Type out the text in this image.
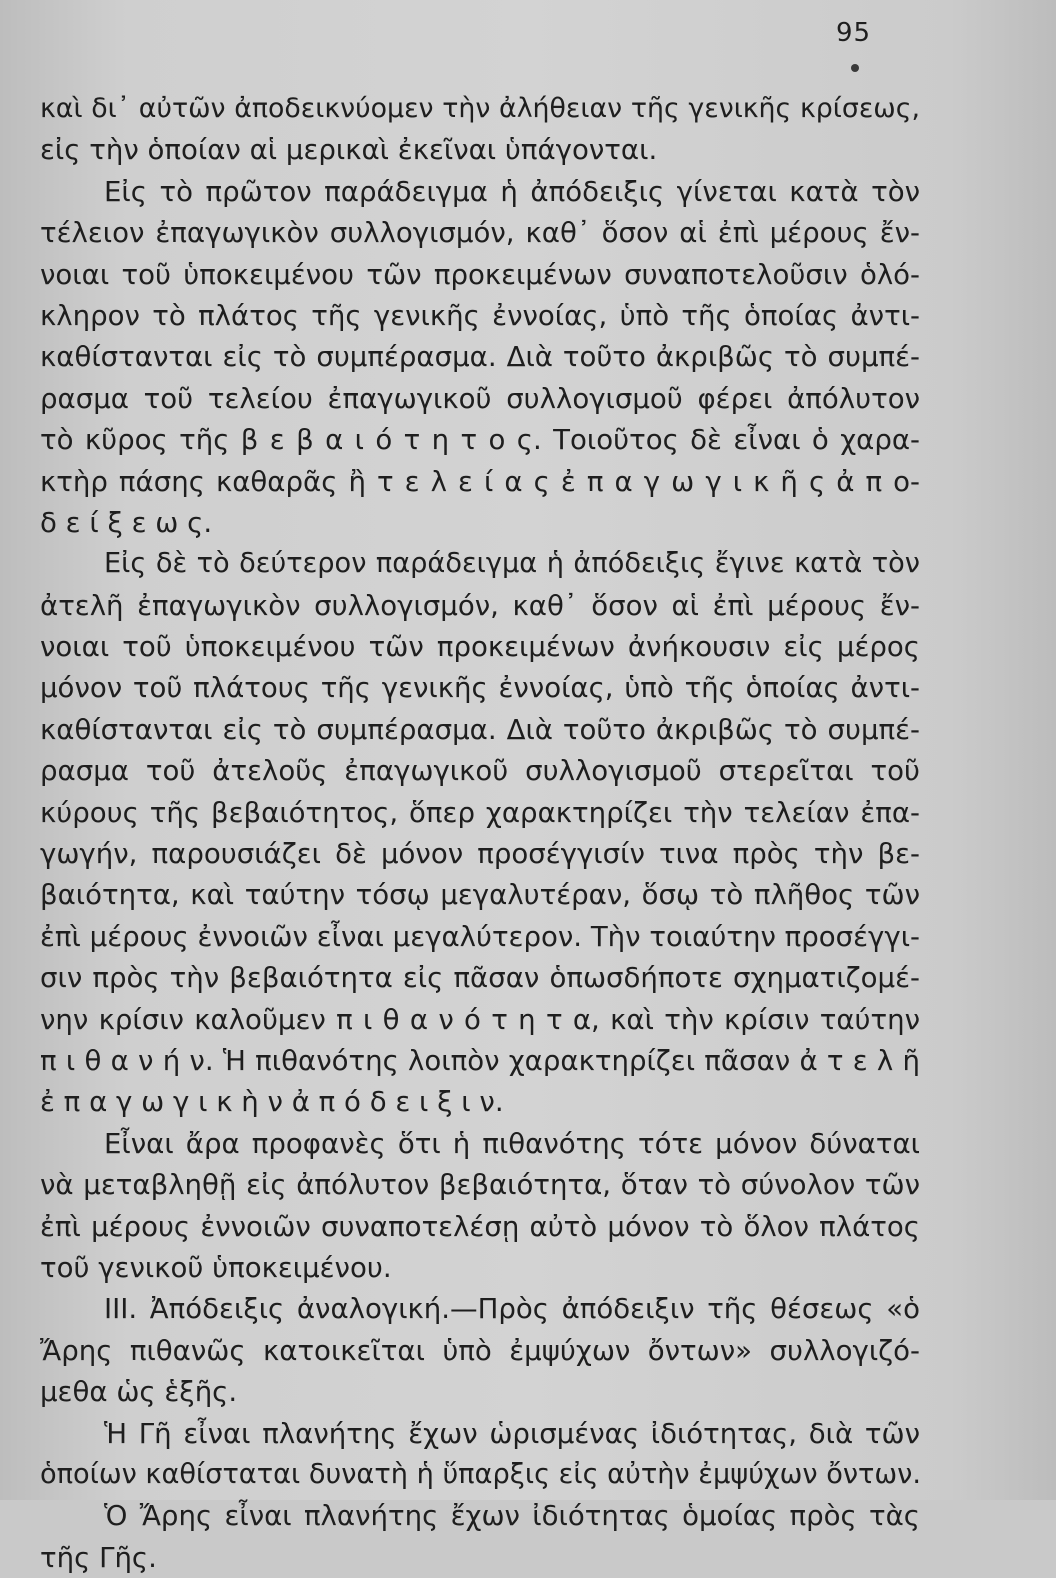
95
καὶ δι᾽ αὐτῶν ἀποδεικνύομεν τὴν ἀλήθειαν τῆς γενικῆς κρίσεως,
εἰς τὴν ὁποίαν αἱ μερικαὶ ἐκεῖναι ὑπάγονται.
Εἰς τὸ πρῶτον παράδειγμα ἡ ἀπόδειξις γίνεται κατὰ τὸν
τέλειον ἐπαγωγικὸν συλλογισμόν, καθ᾽ ὅσον αἱ ἐπὶ μέρους ἔν-
νοιαι τοῦ ὑποκειμένου τῶν προκειμένων συναποτελοῦσιν ὁλό-
κληρον τὸ πλάτος τῆς γενικῆς ἐννοίας, ὑπὸ τῆς ὁποίας ἀντι-
καθίστανται εἰς τὸ συμπέρασμα. Διὰ τοῦτο ἀκριβῶς τὸ συμπέ-
ρασμα τοῦ τελείου ἐπαγωγικοῦ συλλογισμοῦ φέρει ἀπόλυτον
τὸ κῦρος τῆς β ε β α ι ό τ η τ ο ς. Τοιοῦτος δὲ εἶναι ὁ χαρα-
κτὴρ πάσης καθαρᾶς ἢ τ ε λ ε ί α ς ἐ π α γ ω γ ι κ ῆ ς ἀ π ο-
δ ε ί ξ ε ω ς.
Εἰς δὲ τὸ δεύτερον παράδειγμα ἡ ἀπόδειξις ἔγινε κατὰ τὸν
ἀτελῆ ἐπαγωγικὸν συλλογισμόν, καθ᾽ ὅσον αἱ ἐπὶ μέρους ἔν-
νοιαι τοῦ ὑποκειμένου τῶν προκειμένων ἀνήκουσιν εἰς μέρος
μόνον τοῦ πλάτους τῆς γενικῆς ἐννοίας, ὑπὸ τῆς ὁποίας ἀντι-
καθίστανται εἰς τὸ συμπέρασμα. Διὰ τοῦτο ἀκριβῶς τὸ συμπέ-
ρασμα τοῦ ἀτελοῦς ἐπαγωγικοῦ συλλογισμοῦ στερεῖται τοῦ
κύρους τῆς βεβαιότητος, ὅπερ χαρακτηρίζει τὴν τελείαν ἐπα-
γωγήν, παρουσιάζει δὲ μόνον προσέγγισίν τινα πρὸς τὴν βε-
βαιότητα, καὶ ταύτην τόσῳ μεγαλυτέραν, ὅσῳ τὸ πλῆθος τῶν
ἐπὶ μέρους ἐννοιῶν εἶναι μεγαλύτερον. Τὴν τοιαύτην προσέγγι-
σιν πρὸς τὴν βεβαιότητα εἰς πᾶσαν ὁπωσδήποτε σχηματιζομέ-
νην κρίσιν καλοῦμεν π ι θ α ν ό τ η τ α, καὶ τὴν κρίσιν ταύτην
π ι θ α ν ή ν. Ἡ πιθανότης λοιπὸν χαρακτηρίζει πᾶσαν ἀ τ ε λ ῆ
ἐ π α γ ω γ ι κ ὴ ν ἀ π ό δ ε ι ξ ι ν.
Εἶναι ἄρα προφανὲς ὅτι ἡ πιθανότης τότε μόνον δύναται
νὰ μεταβληθῇ εἰς ἀπόλυτον βεβαιότητα, ὅταν τὸ σύνολον τῶν
ἐπὶ μέρους ἐννοιῶν συναποτελέσῃ αὐτὸ μόνον τὸ ὅλον πλάτος
τοῦ γενικοῦ ὑποκειμένου.
III. Ἀπόδειξις ἀναλογική.—Πρὸς ἀπόδειξιν τῆς θέσεως «ὁ
Ἄρης πιθανῶς κατοικεῖται ὑπὸ ἐμψύχων ὄντων» συλλογιζό-
μεθα ὡς ἑξῆς.
Ἡ Γῆ εἶναι πλανήτης ἔχων ὡρισμένας ἰδιότητας, διὰ τῶν
ὁποίων καθίσταται δυνατὴ ἡ ὕπαρξις εἰς αὐτὴν ἐμψύχων ὄντων.
Ὁ Ἄρης εἶναι πλανήτης ἔχων ἰδιότητας ὁμοίας πρὸς τὰς
τῆς Γῆς.
